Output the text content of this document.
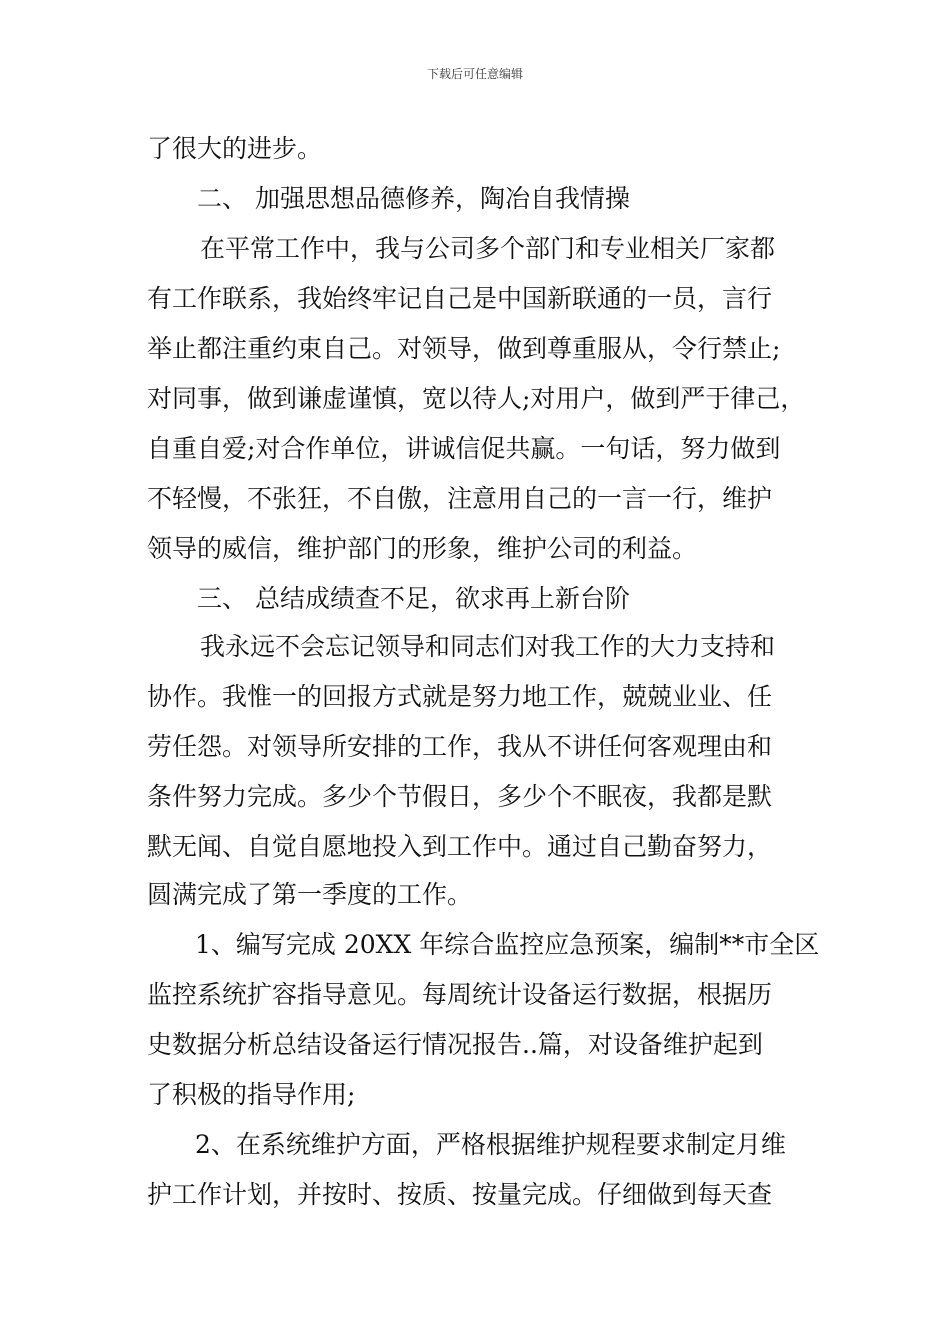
下载后可任意编辑
了很大的进步。
二、 加强思想品德修养，陶冶自我情操
在平常工作中，我与公司多个部门和专业相关厂家都
有工作联系，我始终牢记自己是中国新联通的一员，言行
举止都注重约束自己。对领导，做到尊重服从，令行禁止;
对同事，做到谦虚谨慎，宽以待人;对用户，做到严于律己，
自重自爱;对合作单位，讲诚信促共赢。一句话，努力做到
不轻慢，不张狂，不自傲，注意用自己的一言一行，维护
领导的威信，维护部门的形象，维护公司的利益。
三、 总结成绩查不足，欲求再上新台阶
我永远不会忘记领导和同志们对我工作的大力支持和
协作。我惟一的回报方式就是努力地工作，兢兢业业、任
劳任怨。对领导所安排的工作，我从不讲任何客观理由和
条件努力完成。多少个节假日，多少个不眠夜，我都是默
默无闻、自觉自愿地投入到工作中。通过自己勤奋努力，
圆满完成了第一季度的工作。
1、编写完成 20XX 年综合监控应急预案，编制**市全区
监控系统扩容指导意见。每周统计设备运行数据，根据历
史数据分析总结设备运行情况报告..篇，对设备维护起到
了积极的指导作用;
2、在系统维护方面，严格根据维护规程要求制定月维
护工作计划，并按时、按质、按量完成。仔细做到每天查
